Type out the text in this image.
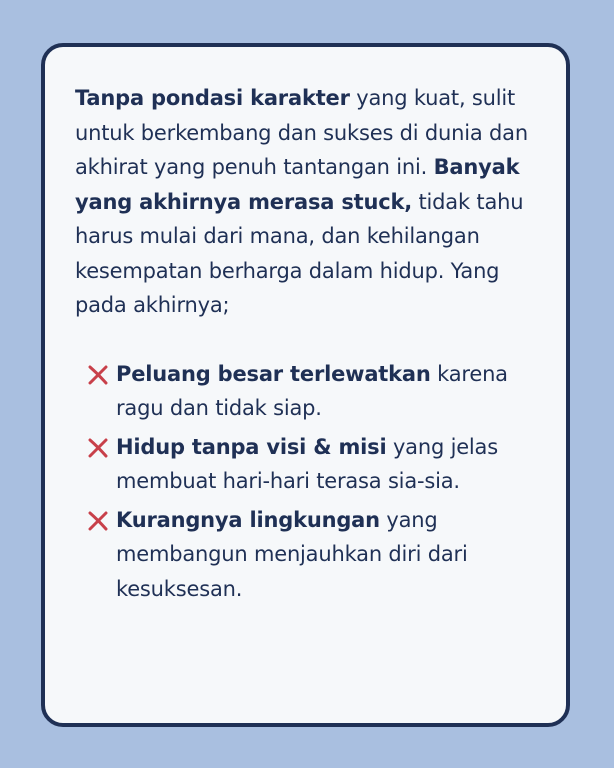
Tanpa pondasi karakter yang kuat, sulit untuk berkembang dan sukses di dunia dan akhirat yang penuh tantangan ini. Banyak yang akhirnya merasa stuck, tidak tahu harus mulai dari mana, dan kehilangan kesempatan berharga dalam hidup. Yang pada akhirnya;

Peluang besar terlewatkan karena ragu dan tidak siap.
Hidup tanpa visi & misi yang jelas membuat hari-hari terasa sia-sia.
Kurangnya lingkungan yang membangun menjauhkan diri dari kesuksesan.
